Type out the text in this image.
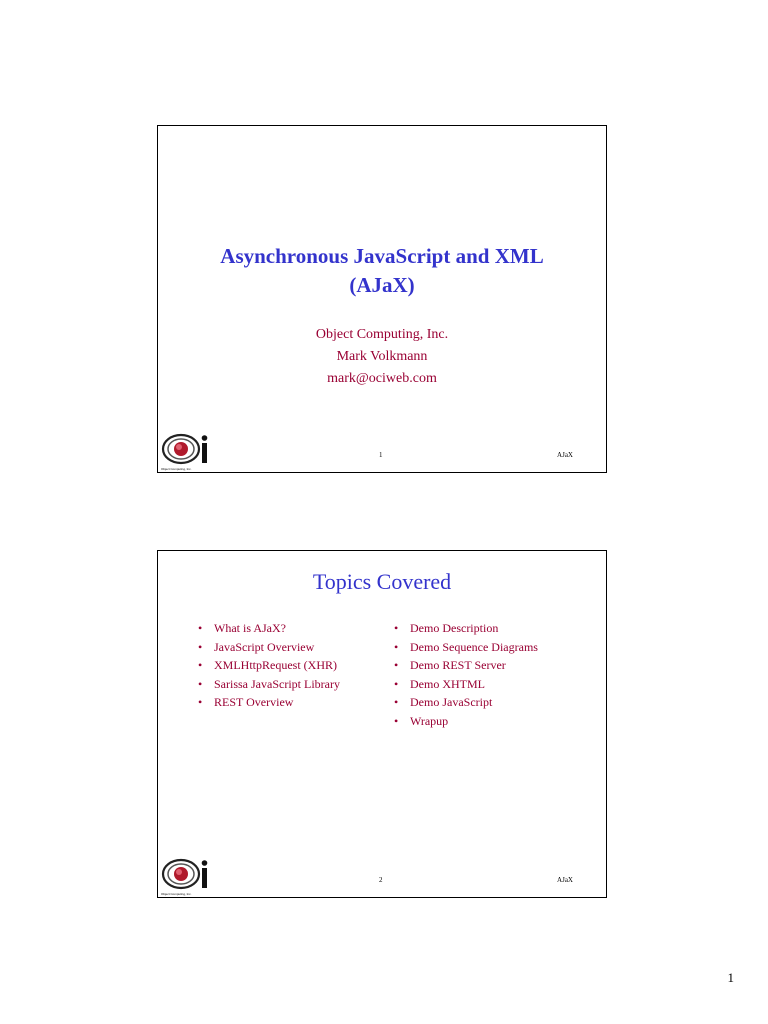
Asynchronous JavaScript and XML
(AJaX)
Object Computing, Inc.
Mark Volkmann
mark@ociweb.com
Object Computing, Inc.
1	AJaX
Topics Covered
• What is AJaX?
• JavaScript Overview
• XMLHttpRequest (XHR)
• Sarissa JavaScript Library
• REST Overview
• Demo Description
• Demo Sequence Diagrams
• Demo REST Server
• Demo XHTML
• Demo JavaScript
• Wrapup
Object Computing, Inc.
2	AJaX
1
